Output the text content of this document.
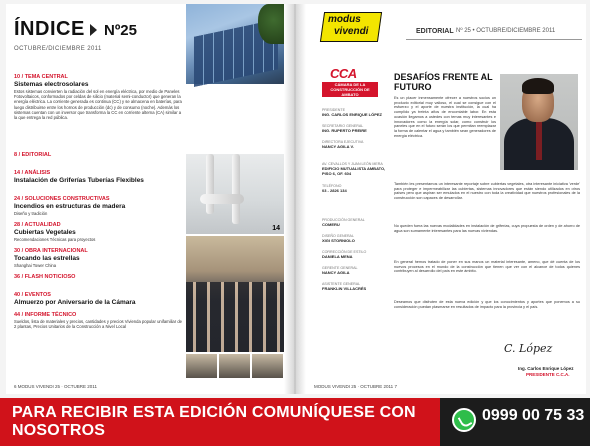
ÍNDICE Nº25
OCTUBRE/DICIEMBRE 2011
10 / TEMA CENTRAL
Sistemas electrosolares
Estos sistemas convierten la radiación del sol en energía eléctrica, por medio de Paneles Fotovoltaicos, conformados por celdas de silicio (material semi-conductor) que generan la energía eléctrica. La corriente generada es continua (CC) y se almacena en baterías, para luego distribuirse entre los hornos de producción (dc) y de consumo (noche). Además los sistemas cuentan con un inversor que transforma la CC en corriente alterna (CA) similar a la que entrega la red pública.
8 / EDITORIAL
14 / ANÁLISIS
Instalación de Griferías Tuberías Flexibles
24 / SOLUCIONES CONSTRUCTIVAS
Incendios en estructuras de madera
Diseño y tradición
28 / ACTUALIDAD
Cubiertas Vegetales
Recomendaciones Técnicas para proyectos
30 / OBRA INTERNACIONAL
Tocando las estrellas
Shanghai Tower China
36 / FLASH NOTICIOSO
40 / EVENTOS
Almuerzo por Aniversario de la Cámara
44 / INFORME TÉCNICO
Sueldos, lista de materiales y precios, cantidades y precios Vivienda popular unifamiliar de 2 plantas, Precios Unitarios de la Construcción a Nivel Local
14
6 MODUS VIVENDI 25 · OCTUBRE 2011
modus
vivendi	EDITORIAL Nº 25 • OCTUBRE/DICIEMBRE 2011
CCA
CÁMARA DE LA CONSTRUCCIÓN DE AMBATO
PRESIDENTE
ING. CARLOS ENRIQUE LÓPEZ
SECRETARIO GENERAL
ING. RUPERTO PREIRE
DIRECTORA EJECUTIVA
NANCY AGILA V.
AV. CEVALLOS Y JUAN LEÓN MERA
EDIFICIO MUTUALISTA AMBATO, PISO 6, OF. 604
TELÉFONO
03 - 2826 134
PRODUCCIÓN GENERAL
COMERU
DISEÑO GENERAL
XIGI STORNIOLO
CORRECCIÓN DE ESTILO
DANIELA MENA
GERENTE GENERAL
NANCY AGILA
ASISTENTE GENERAL
FRANKLIN VILLACRÉS
DESAFÍOS FRENTE AL FUTURO
Es un placer inmensamente ofrecer a nuestros socios un producto editorial muy valioso, el cual se consigue con el esfuerzo y el aporte de nuestra institución, la cual ha cumplido ya treinta años de encomiable labor. En esta ocasión llegamos a ustedes con temas muy interesantes e innovadores como la energía solar, como construir los paneles que en el futuro serán los que permitan reemplazar la forma de calentar el agua y también sean generadores de energía eléctrica.
También les presentamos un interesante reportaje sobre cubiertas vegetales, otra interesante iniciativa 'verde' para proteger e impermeabilizar las cubiertas, sistemas innovadores que están siendo utilizados en otros países pero que aspiran ser emulados en el nuestro con toda la creatividad que nuestros profesionales de la construcción son capaces de desarrollar.
No queden fuera las nuevas modalidades en instalación de griferías, cuya propuesta de orden y de ahorro de agua son sumamente interesantes para las nuevas viviendas.
En general hemos tratado de poner en sus manos un material interesante, ameno, que dé cuenta de los nuevos procesos en el mundo de la construcción que tienen que ver con el alcance de todos quienes contribuyen al desarrollo del país en este ámbito.
Deseamos que disfruten de esta nueva edición y que los conocimientos y aportes que ponemos a su consideración puedan plasmarse en resultados de impacto para la provincia y el país.
C. López
Ing. Carlos Enrique López
PRESIDENTE C.C.A.
MODUS VIVENDI 25 · OCTUBRE 2011 7
PARA RECIBIR ESTA EDICIÓN COMUNÍQUESE CON NOSOTROS
0999 00 75 33
